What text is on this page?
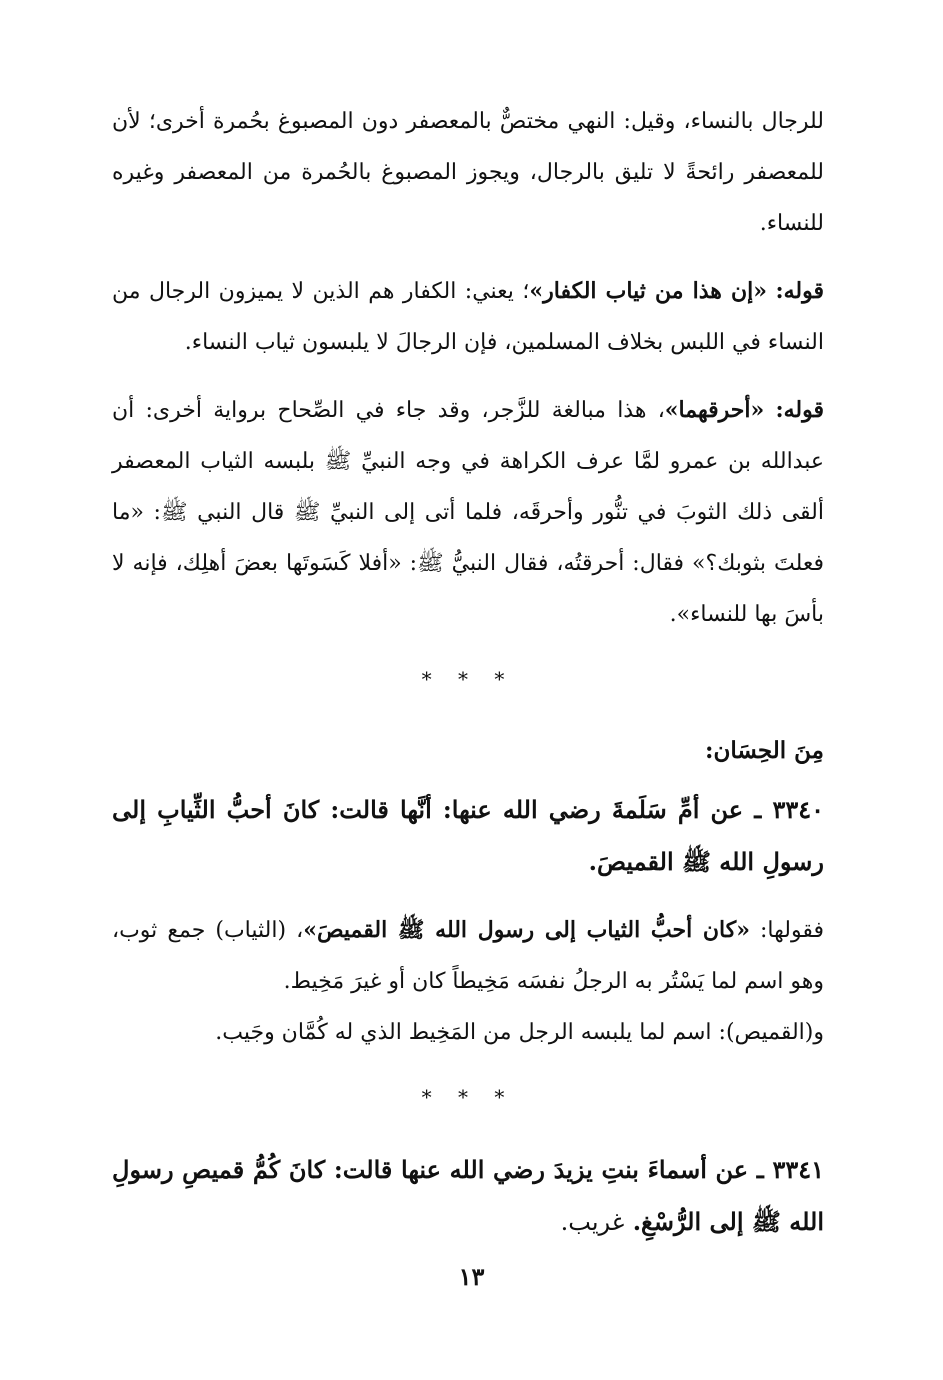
للرجال بالنساء، وقيل: النهي مختصٌّ بالمعصفر دون المصبوغ بحُمرة أخرى؛ لأن للمعصفر رائحةً لا تليق بالرجال، ويجوز المصبوغ بالحُمرة من المعصفر وغيره للنساء.

قوله: «إن هذا من ثياب الكفار»؛ يعني: الكفار هم الذين لا يميزون الرجال من النساء في اللبس بخلاف المسلمين، فإن الرجالَ لا يلبسون ثياب النساء.

قوله: «أحرقهما»، هذا مبالغة للزَّجر، وقد جاء في الصِّحاح برواية أخرى: أن عبدالله بن عمرو لمَّا عرف الكراهة في وجه النبيِّ ﷺ بلبسه الثياب المعصفر ألقى ذلك الثوبَ في تنُّور وأحرقَه، فلما أتى إلى النبيِّ ﷺ قال النبي ﷺ: «ما فعلتَ بثوبك؟» فقال: أحرقتُه، فقال النبيُّ ﷺ: «أفلا كَسَوتَها بعضَ أهلِك، فإنه لا بأسَ بها للنساء».

* * *

مِنَ الحِسَان:

٣٣٤٠ ـ عن أمِّ سَلَمةَ رضي الله عنها: أنَّها قالت: كانَ أحبُّ الثِّيابِ إلى رسولِ الله ﷺ القميصَ.

فقولها: «كان أحبُّ الثياب إلى رسول الله ﷺ القميصَ»، (الثياب) جمع ثوب، وهو اسم لما يَسْتُر به الرجلُ نفسَه مَخِيطاً كان أو غيرَ مَخِيط.

و(القميص): اسم لما يلبسه الرجل من المَخِيط الذي له كُمَّان وجَيب.

* * *

٣٣٤١ ـ عن أسماءَ بنتِ يزيدَ رضي الله عنها قالت: كانَ كُمُّ قميصِ رسولِ الله ﷺ إلى الرُّسْغِ. غريب.

١٣
